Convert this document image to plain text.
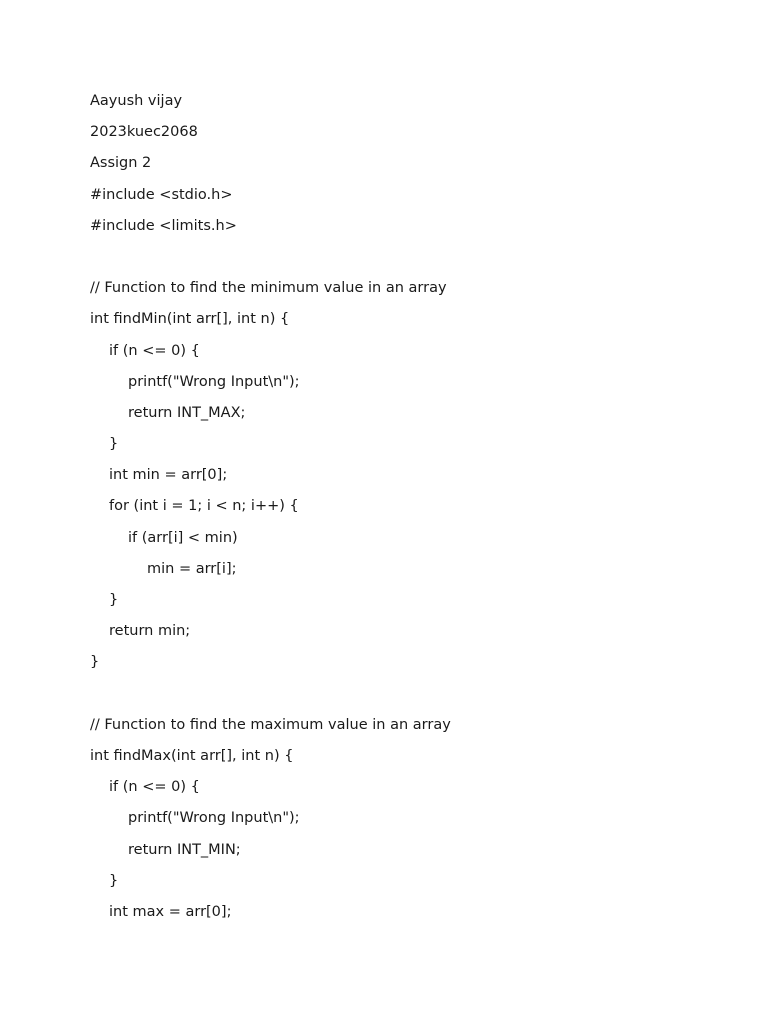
Aayush vijay

2023kuec2068

Assign 2

#include <stdio.h>

#include <limits.h>

// Function to find the minimum value in an array

int findMin(int arr[], int n) {

if (n <= 0) {

printf("Wrong Input\n");

return INT_MAX;

}

int min = arr[0];

for (int i = 1; i < n; i++) {

if (arr[i] < min)

min = arr[i];

}

return min;

}

// Function to find the maximum value in an array

int findMax(int arr[], int n) {

if (n <= 0) {

printf("Wrong Input\n");

return INT_MIN;

}

int max = arr[0];
